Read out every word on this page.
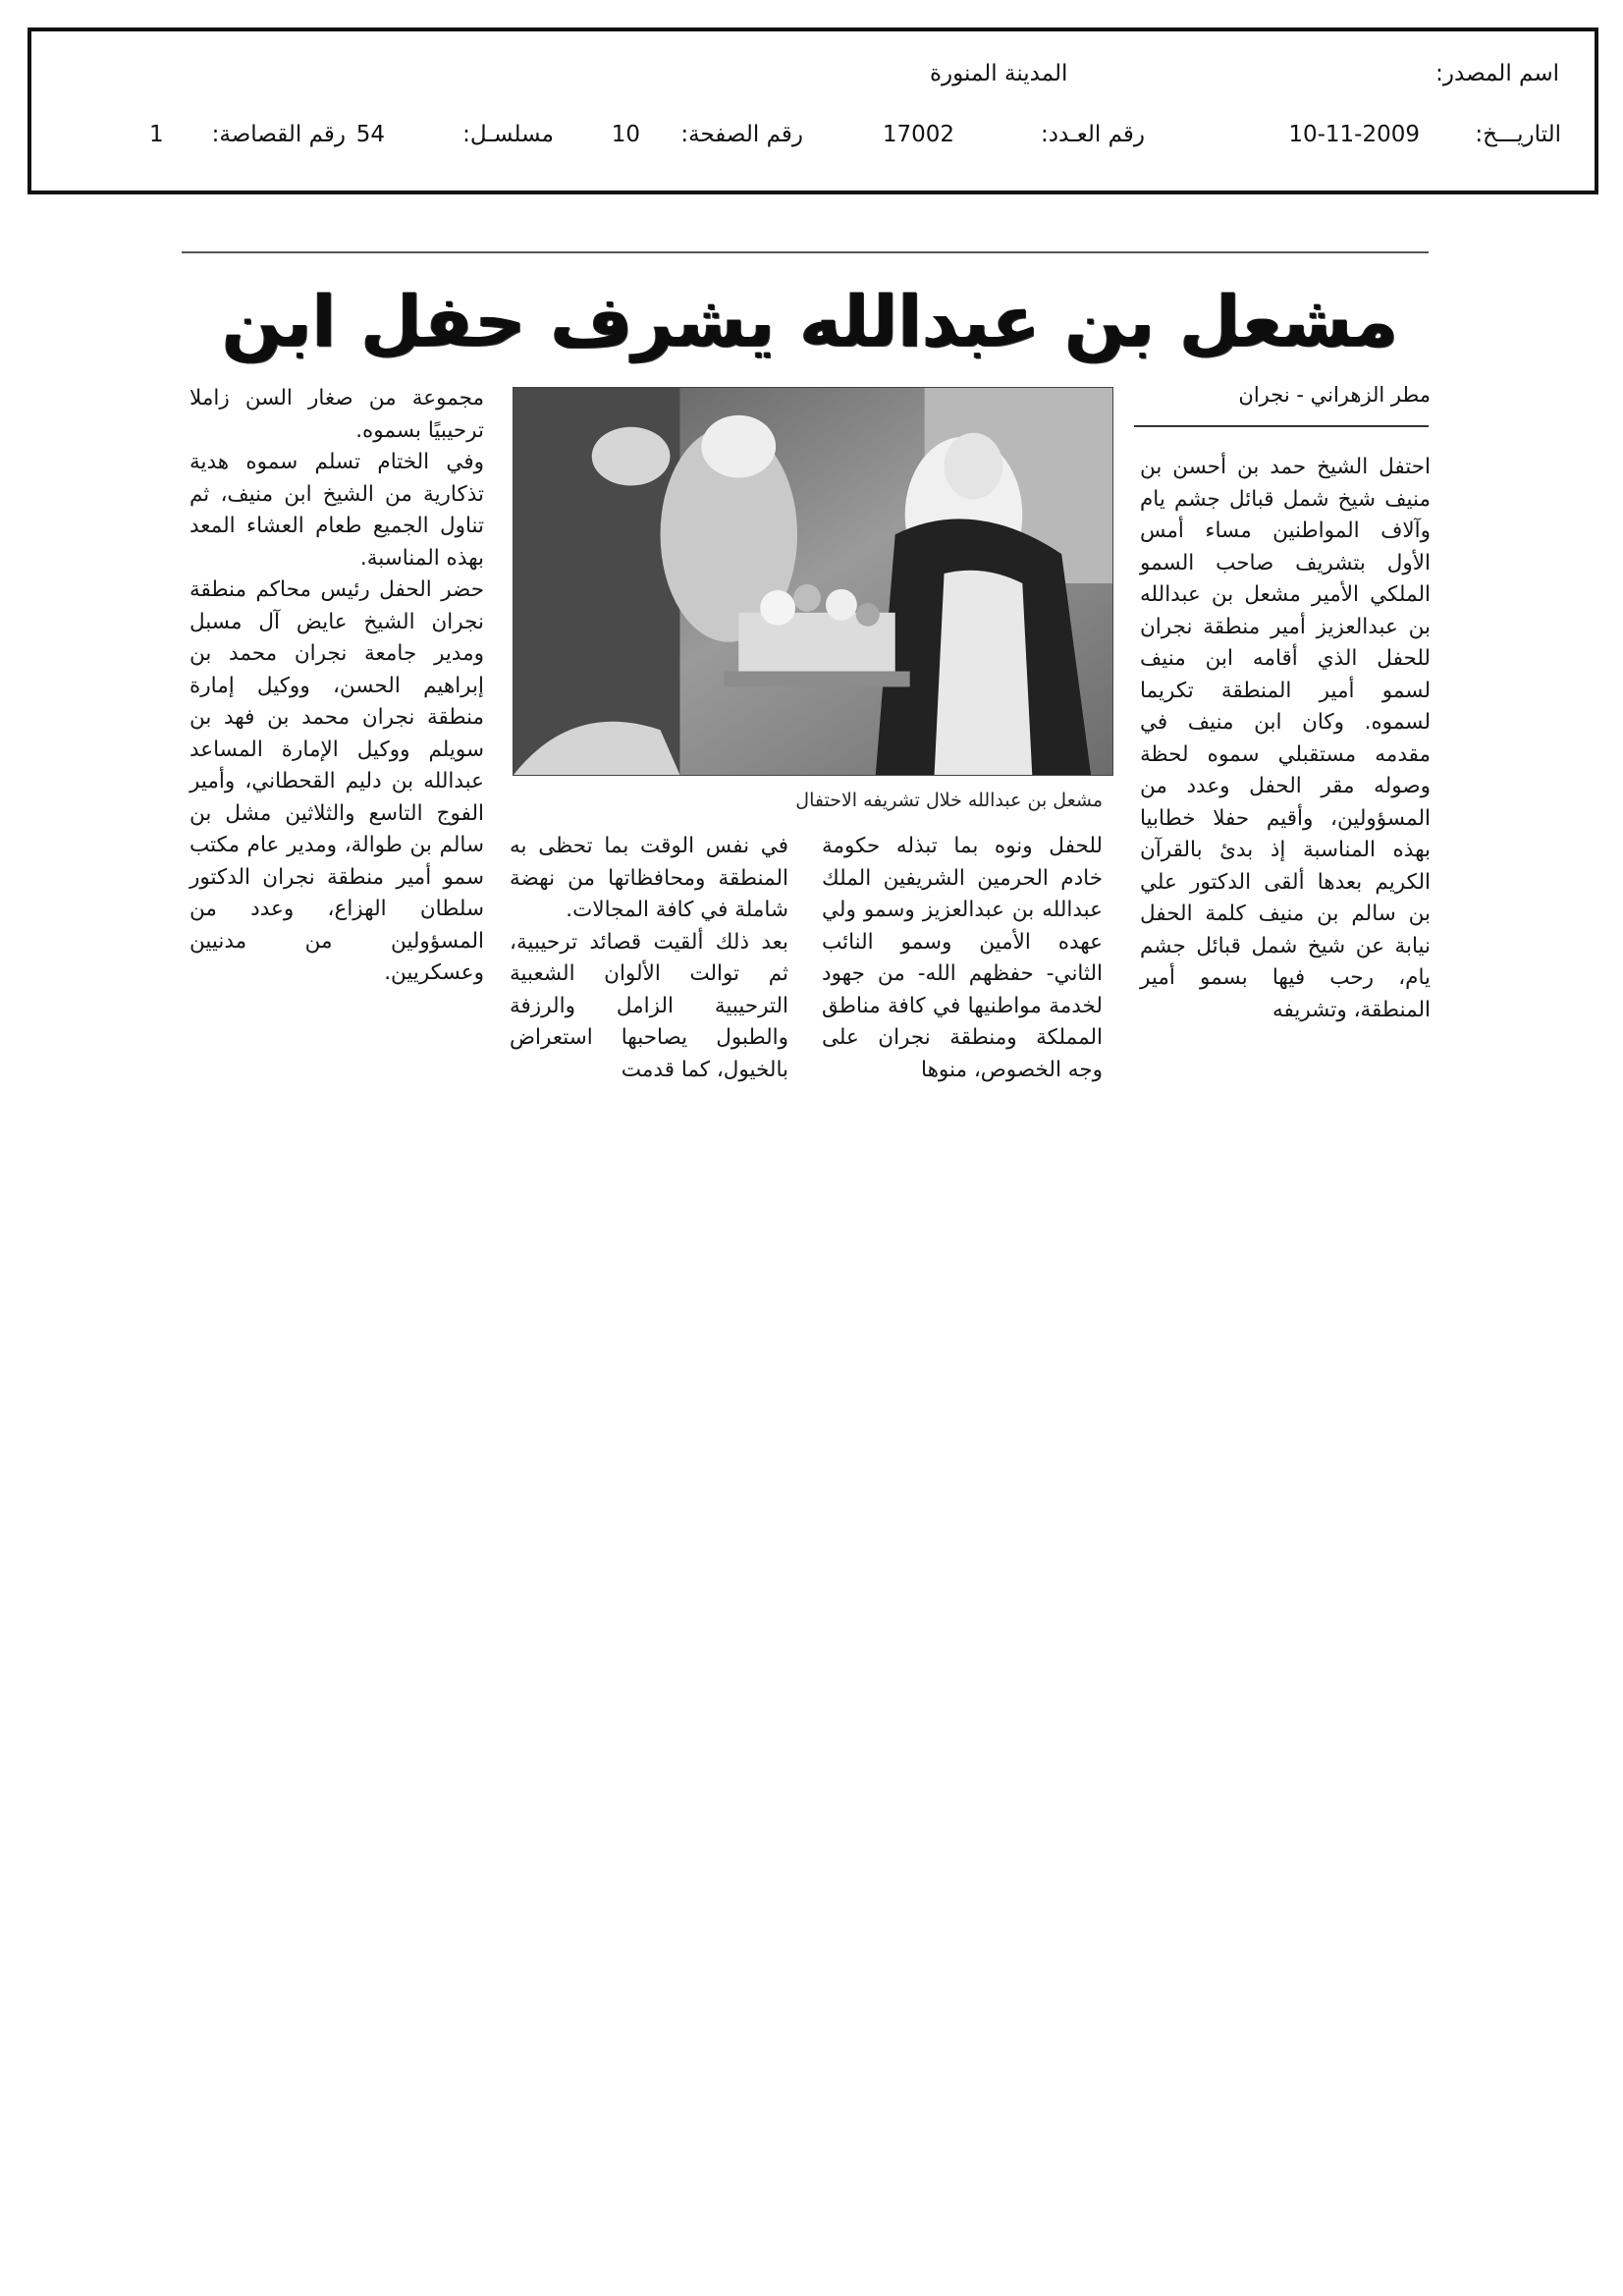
اسم المصدر:
المدينة المنورة
التاريـــخ:
10-11-2009
رقم العـدد:
17002
رقم الصفحة:
10
مسلسـل:
54
رقم القصاصة:
1
مشعل بن عبدالله يشرف حفل ابن
مطر الزهراني - نجران
مشعل بن عبدالله خلال تشريفه الاحتفال

احتفل الشيخ حمد بن أحسن بن منيف شيخ شمل قبائل جشم يام وآلاف المواطنين مساء أمس الأول بتشريف صاحب السمو الملكي الأمير مشعل بن عبدالله بن عبدالعزيز أمير منطقة نجران للحفل الذي أقامه ابن منيف لسمو أمير المنطقة تكريما لسموه. وكان ابن منيف في مقدمه مستقبلي سموه لحظة وصوله مقر الحفل وعدد من المسؤولين، وأقيم حفلا خطابيا بهذه المناسبة إذ بدئ بالقرآن الكريم بعدها ألقى الدكتور علي بن سالم بن منيف كلمة الحفل نيابة عن شيخ شمل قبائل جشم يام، رحب فيها بسمو أمير المنطقة، وتشريفه

للحفل ونوه بما تبذله حكومة خادم الحرمين الشريفين الملك عبدالله بن عبدالعزيز وسمو ولي عهده الأمين وسمو النائب الثاني- حفظهم الله- من جهود لخدمة مواطنيها في كافة مناطق المملكة ومنطقة نجران على وجه الخصوص، منوها

في نفس الوقت بما تحظى به المنطقة ومحافظاتها من نهضة شاملة في كافة المجالات.

بعد ذلك ألقيت قصائد ترحيبية، ثم توالت الألوان الشعبية الترحيبية الزامل والرزفة والطبول يصاحبها استعراض بالخيول، كما قدمت

مجموعة من صغار السن زاملا ترحيبيًا بسموه.

وفي الختام تسلم سموه هدية تذكارية من الشيخ ابن منيف، ثم تناول الجميع طعام العشاء المعد بهذه المناسبة.

حضر الحفل رئيس محاكم منطقة نجران الشيخ عايض آل مسبل ومدير جامعة نجران محمد بن إبراهيم الحسن، ووكيل إمارة منطقة نجران محمد بن فهد بن سويلم ووكيل الإمارة المساعد عبدالله بن دليم القحطاني، وأمير الفوج التاسع والثلاثين مشل بن سالم بن طوالة، ومدير عام مكتب سمو أمير منطقة نجران الدكتور سلطان الهزاع، وعدد من المسؤولين من مدنيين وعسكريين.
